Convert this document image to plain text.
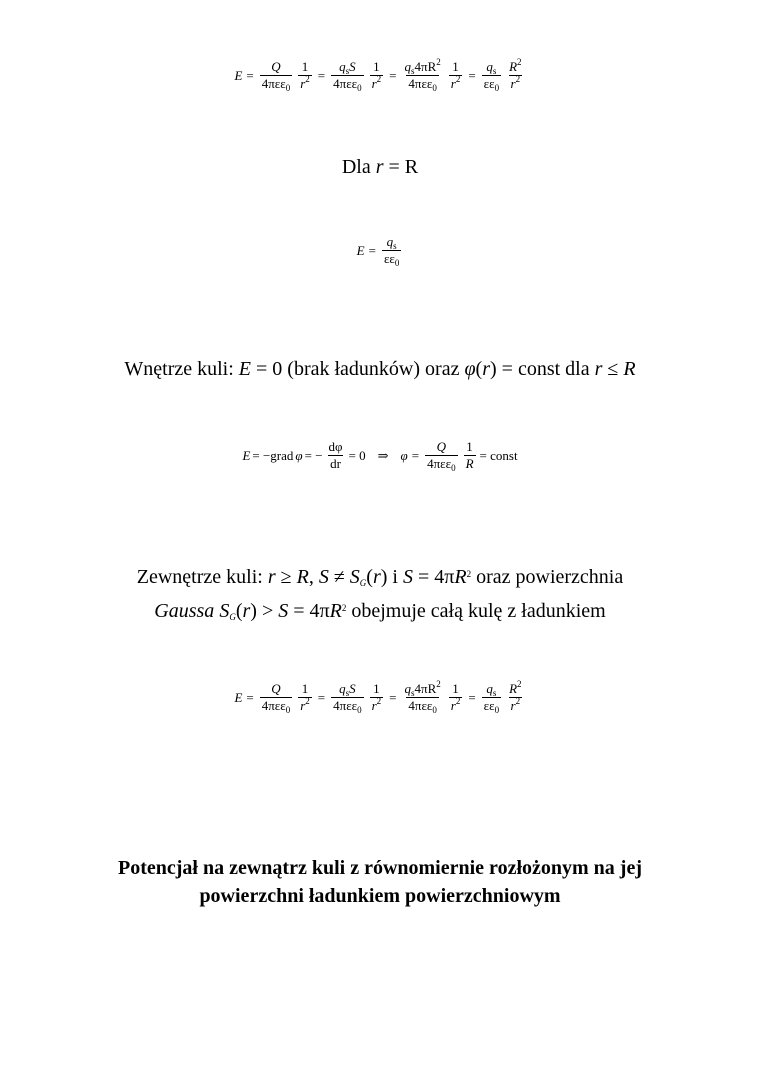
$E = \frac{Q}{4\pi\varepsilon\varepsilon_0} \frac{1}{r^2} = \frac{q_sS}{4\pi\varepsilon\varepsilon_0} \frac{1}{r^2} = \frac{q_s4\pi R^2}{4\pi\varepsilon\varepsilon_0} \frac{1}{r^2} = \frac{q_s}{\varepsilon\varepsilon_0} \frac{R^2}{r^2}$
Dla r = R
$E = \frac{q_s}{\varepsilon\varepsilon_0}$
Wnętrze kuli: E = 0 (brak ładunków) oraz φ(r) = const dla r ≤ R
E = −grad φ = − $\frac{d\varphi}{dr} = 0$ ⇒ $\varphi = \frac{Q}{4\pi\varepsilon\varepsilon_0} \frac{1}{R}$ = const
Zewnętrze kuli: r ≥ R, $S \ne S_G(r)$ i $S = 4\pi R^2$ oraz powierzchnia
Gaussa $S_G(r) > S = 4\pi R^2$ obejmuje całą kulę z ładunkiem
$E = \frac{Q}{4\pi\varepsilon\varepsilon_0} \frac{1}{r^2} = \frac{q_sS}{4\pi\varepsilon\varepsilon_0} \frac{1}{r^2} = \frac{q_s4\pi R^2}{4\pi\varepsilon\varepsilon_0} \frac{1}{r^2} = \frac{q_s}{\varepsilon\varepsilon_0} \frac{R^2}{r^2}$
Potencjał na zewnątrz kuli z równomiernie rozłożonym na jej
powierzchni ładunkiem powierzchniowym
